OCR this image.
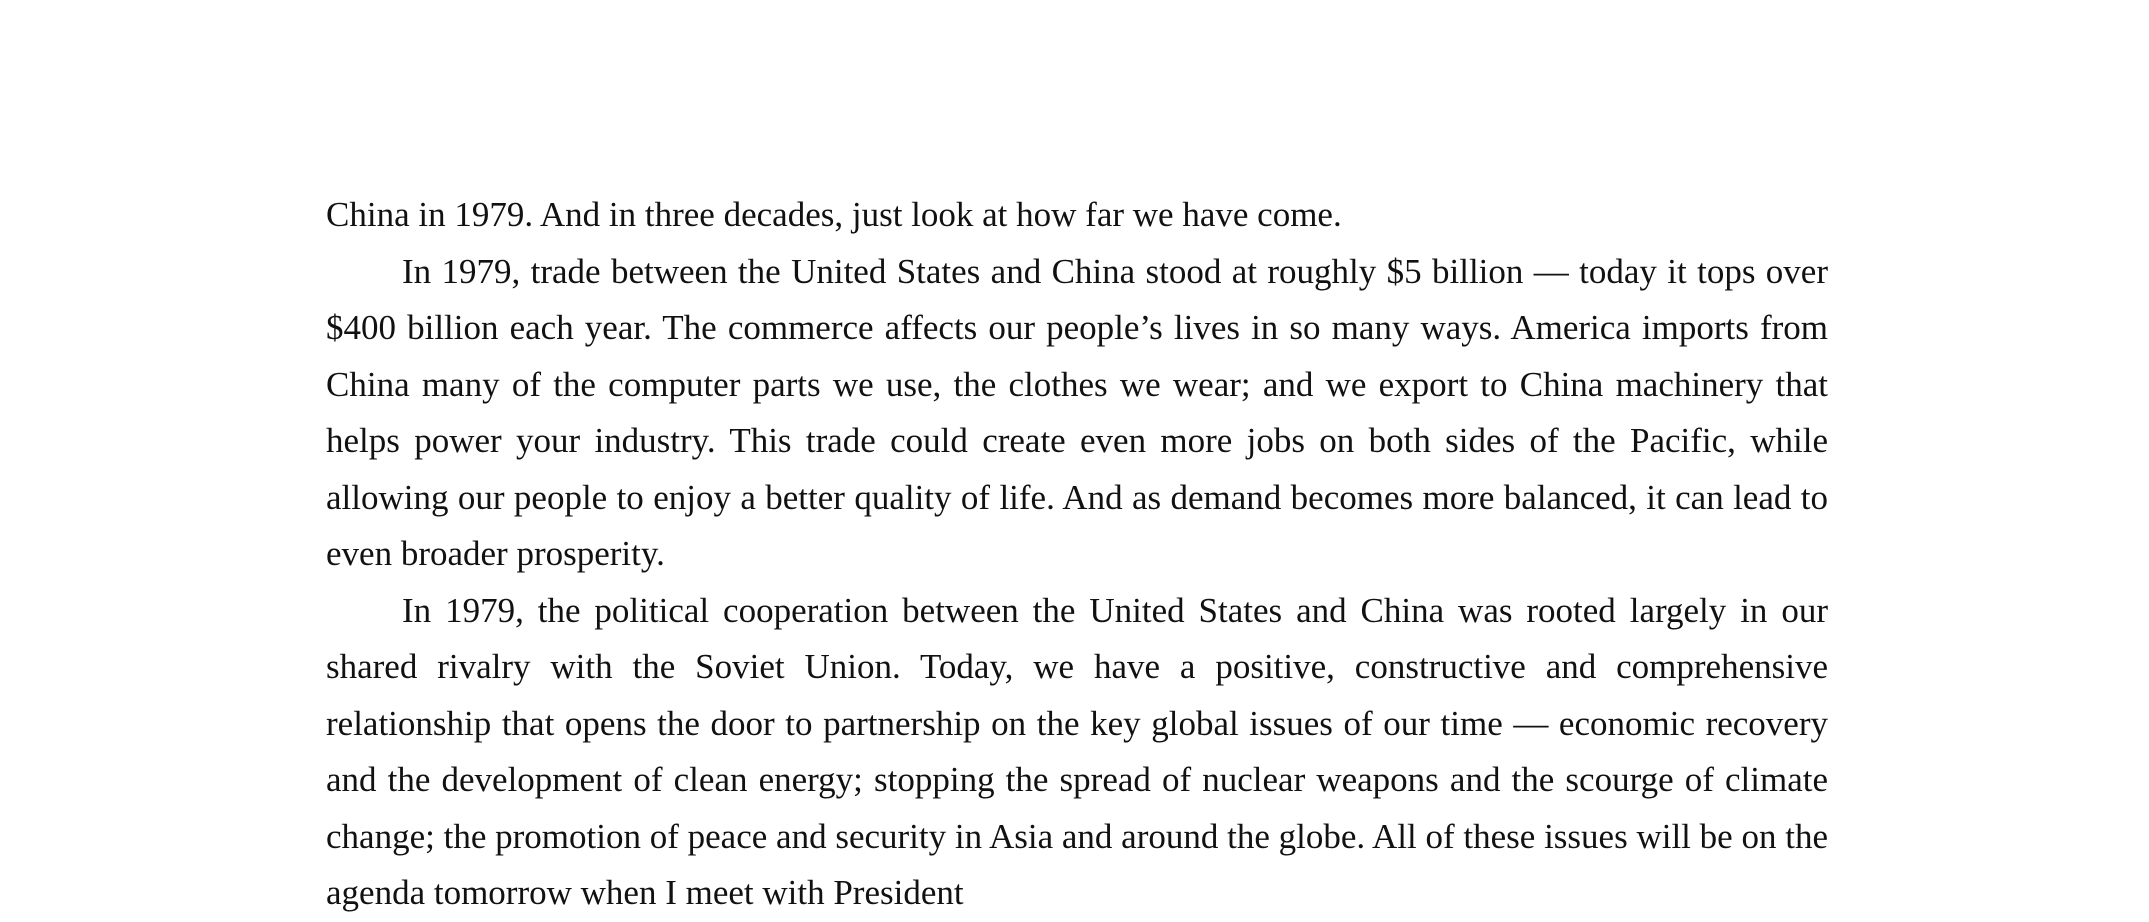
China in 1979. And in three decades, just look at how far we have come.

In 1979, trade between the United States and China stood at roughly $5 billion — today it tops over $400 billion each year. The commerce affects our people’s lives in so many ways. America imports from China many of the computer parts we use, the clothes we wear; and we export to China machinery that helps power your industry. This trade could create even more jobs on both sides of the Pacific, while allowing our people to enjoy a better quality of life. And as demand becomes more balanced, it can lead to even broader prosperity.

In 1979, the political cooperation between the United States and China was rooted largely in our shared rivalry with the Soviet Union. Today, we have a positive, constructive and comprehensive relationship that opens the door to partnership on the key global issues of our time — economic recovery and the development of clean energy; stopping the spread of nuclear weapons and the scourge of climate change; the promotion of peace and security in Asia and around the globe. All of these issues will be on the agenda tomorrow when I meet with President
